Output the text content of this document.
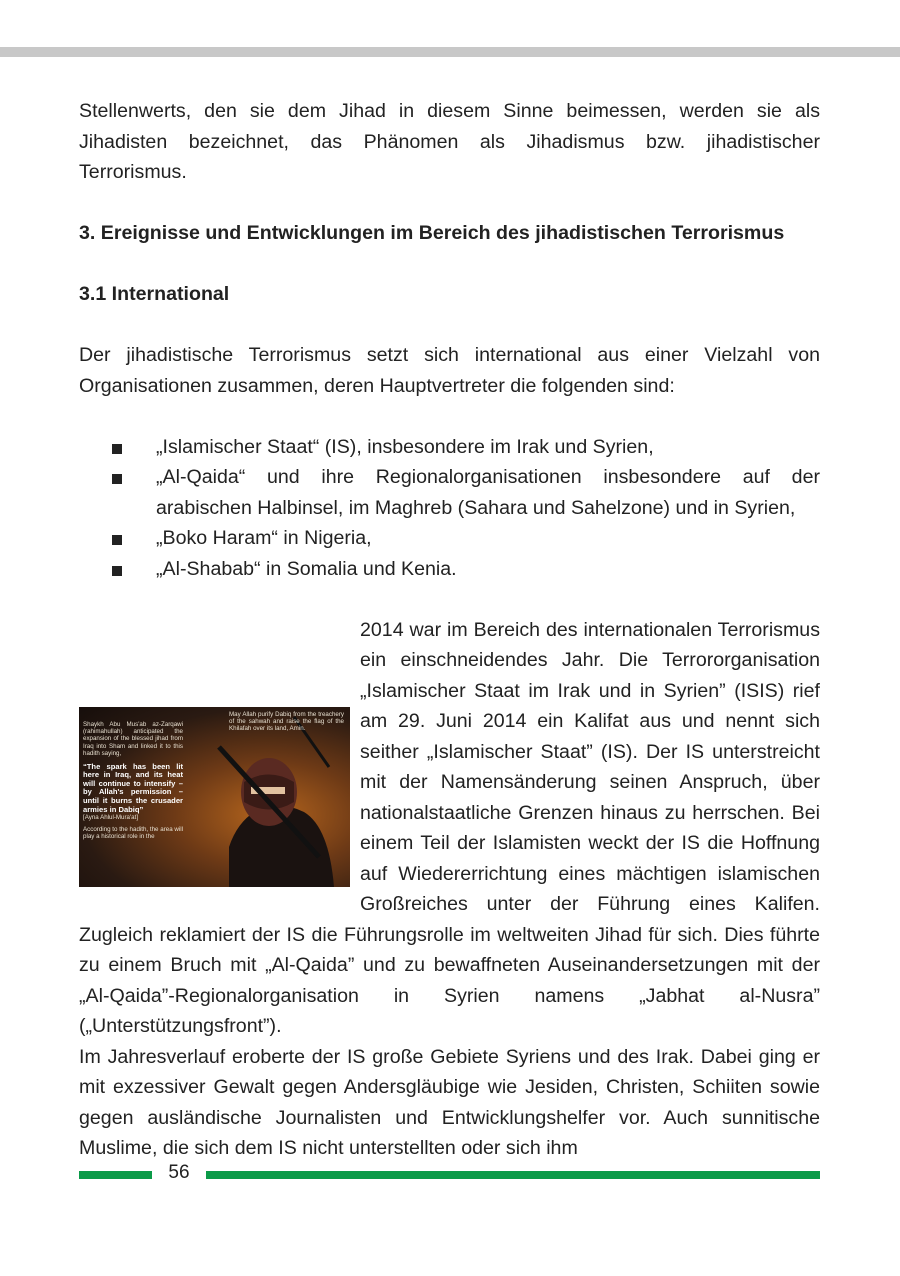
Stellenwerts, den sie dem Jihad in diesem Sinne beimessen, werden sie als Jihadisten bezeichnet, das Phänomen als Jihadismus bzw. jihadistischer Terrorismus.

3. Ereignisse und Entwicklungen im Bereich des jihadistischen Terrorismus

3.1 International

Der jihadistische Terrorismus setzt sich international aus einer Vielzahl von Organisationen zusammen, deren Hauptvertreter die folgenden sind:

„Islamischer Staat“ (IS), insbesondere im Irak und Syrien,
„Al-Qaida“ und ihre Regionalorganisationen insbesondere auf der arabischen Halbinsel, im Maghreb (Sahara und Sahelzone) und in Syrien,
„Boko Haram“ in Nigeria,
„Al-Shabab“ in Somalia und Kenia.
Shaykh Abu Mus'ab az-Zarqawi (rahimahullah) anticipated the expansion of the blessed jihad from Iraq into Sham and linked it to this hadith saying,
“The spark has been lit here in Iraq, and its heat will continue to intensify – by Allah's permission – until it burns the crusader armies in Dabiq”
[Ayna Ahlul-Mura'at]
According to the hadith, the area will play a historical role in the
May Allah purify Dabiq from the treachery of the sahwah and raise the flag of the Khilafah over its land, Amin.
2014 war im Bereich des internationalen Terrorismus ein einschneidendes Jahr. Die Terrororganisation „Islamischer Staat im Irak und in Syrien” (ISIS) rief am 29. Juni 2014 ein Kalifat aus und nennt sich seither „Islamischer Staat” (IS). Der IS unterstreicht mit der Namensänderung seinen Anspruch, über nationalstaatliche Grenzen hinaus zu herrschen. Bei einem Teil der Islamisten weckt der IS die Hoffnung auf Wiedererrichtung eines mächtigen islamischen Großreiches unter der Führung eines Kalifen. Zugleich reklamiert der IS die Führungsrolle im weltweiten Jihad für sich. Dies führte zu einem Bruch mit „Al-Qaida” und zu bewaffneten Auseinandersetzungen mit der „Al-Qaida”-Regionalorganisation in Syrien namens „Jabhat al-Nusra” („Unterstützungsfront”).

Im Jahresverlauf eroberte der IS große Gebiete Syriens und des Irak. Dabei ging er mit exzessiver Gewalt gegen Andersgläubige wie Jesiden, Christen, Schiiten sowie gegen ausländische Journalisten und Entwicklungshelfer vor. Auch sunnitische Muslime, die sich dem IS nicht unterstellten oder sich ihm

56
